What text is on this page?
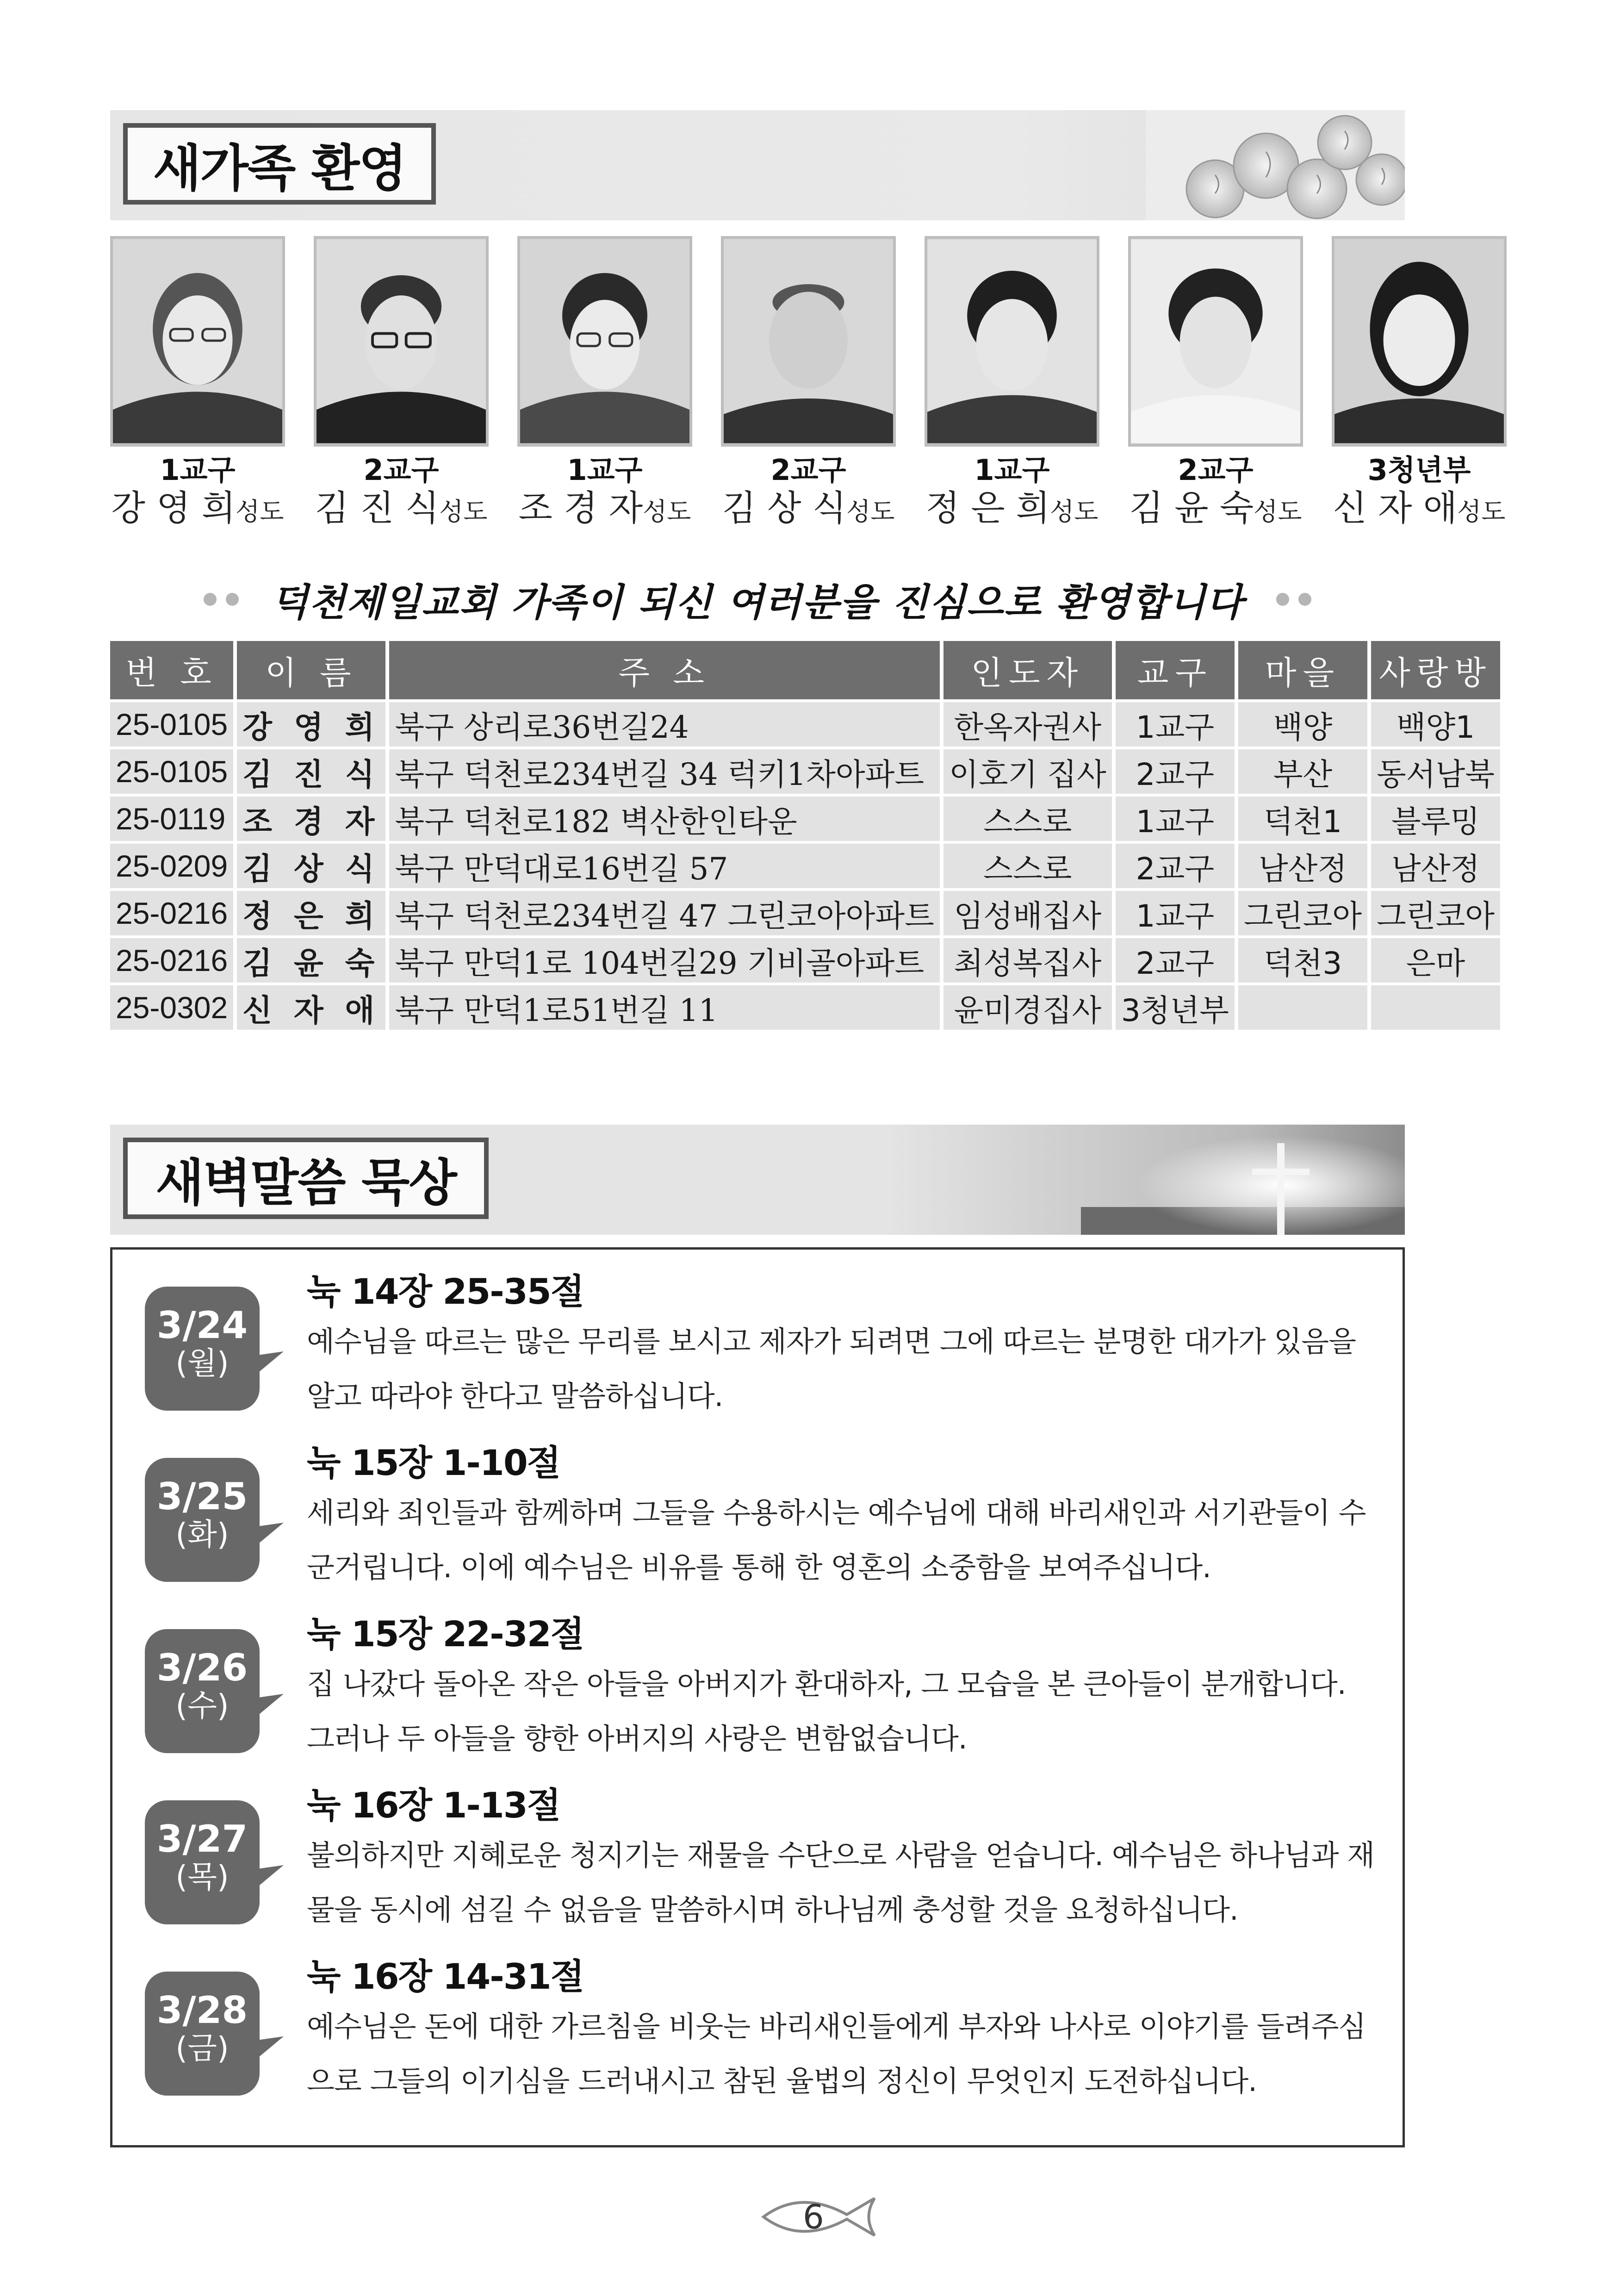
새가족 환영
1교구
강 영 희성도
2교구
김 진 식성도
1교구
조 경 자성도
2교구
김 상 식성도
1교구
정 은 희성도
2교구
김 윤 숙성도
3청년부
신 자 애성도
덕천제일교회 가족이 되신 여러분을 진심으로 환영합니다
번 호	이 름	주 소	인도자	교구	마을	사랑방
25-0105	강 영 희	북구 상리로36번길24	한옥자권사	1교구	백양	백양1
25-0105	김 진 식	북구 덕천로234번길 34 럭키1차아파트	이호기 집사	2교구	부산	동서남북
25-0119	조 경 자	북구 덕천로182 벽산한인타운	스스로	1교구	덕천1	블루밍
25-0209	김 상 식	북구 만덕대로16번길 57	스스로	2교구	남산정	남산정
25-0216	정 은 희	북구 덕천로234번길 47 그린코아아파트	임성배집사	1교구	그린코아	그린코아
25-0216	김 윤 숙	북구 만덕1로 104번길29 기비골아파트	최성복집사	2교구	덕천3	은마
25-0302	신 자 애	북구 만덕1로51번길 11	윤미경집사	3청년부		
새벽말씀 묵상
3/24
(월)
눅 14장 25-35절
예수님을 따르는 많은 무리를 보시고 제자가 되려면 그에 따르는 분명한 대가가 있음을 알고 따라야 한다고 말씀하십니다.
3/25
(화)
눅 15장 1-10절
세리와 죄인들과 함께하며 그들을 수용하시는 예수님에 대해 바리새인과 서기관들이 수군거립니다. 이에 예수님은 비유를 통해 한 영혼의 소중함을 보여주십니다.
3/26
(수)
눅 15장 22-32절
집 나갔다 돌아온 작은 아들을 아버지가 환대하자, 그 모습을 본 큰아들이 분개합니다. 그러나 두 아들을 향한 아버지의 사랑은 변함없습니다.
3/27
(목)
눅 16장 1-13절
불의하지만 지혜로운 청지기는 재물을 수단으로 사람을 얻습니다. 예수님은 하나님과 재물을 동시에 섬길 수 없음을 말씀하시며 하나님께 충성할 것을 요청하십니다.
3/28
(금)
눅 16장 14-31절
예수님은 돈에 대한 가르침을 비웃는 바리새인들에게 부자와 나사로 이야기를 들려주심으로 그들의 이기심을 드러내시고 참된 율법의 정신이 무엇인지 도전하십니다.
6
